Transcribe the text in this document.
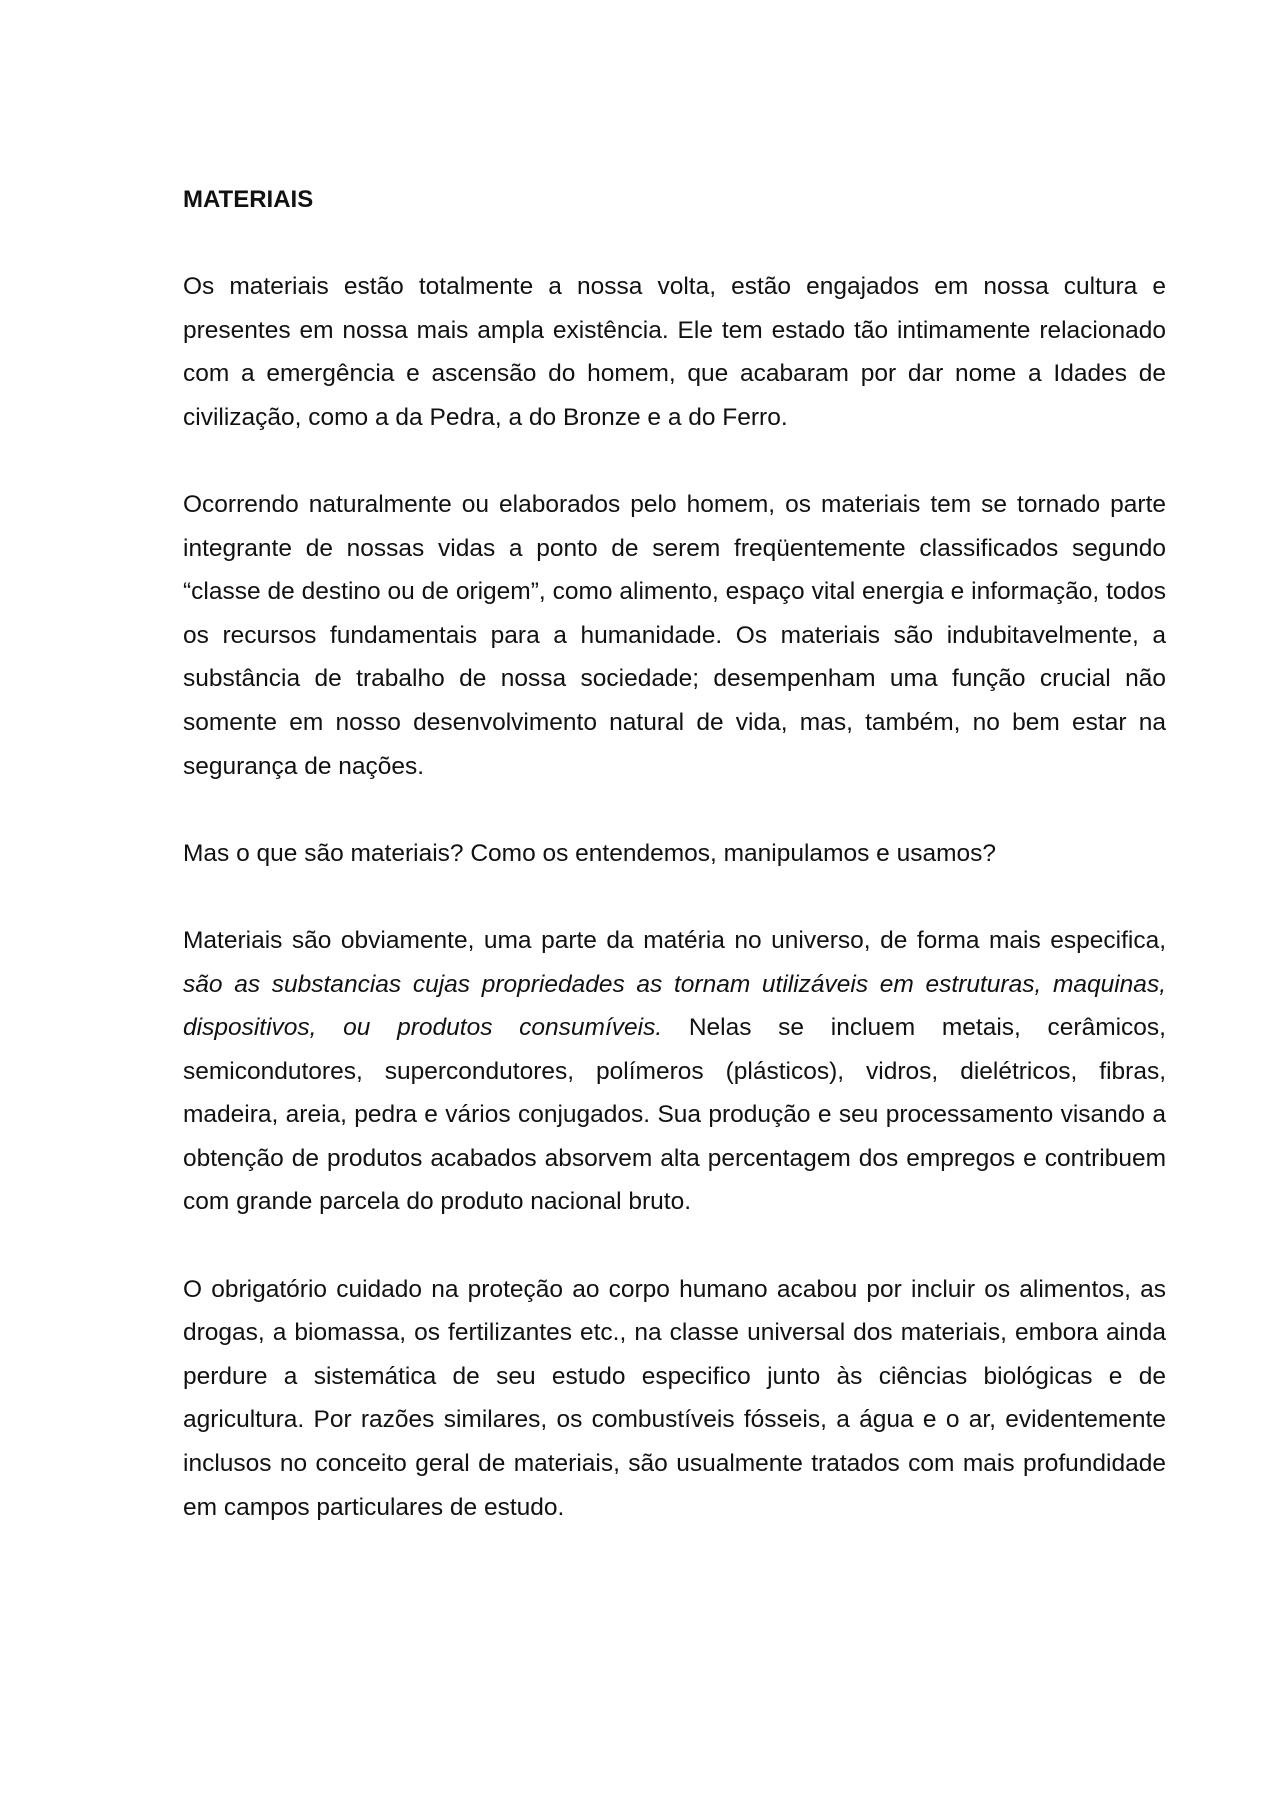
MATERIAIS

Os materiais estão totalmente a nossa volta, estão engajados em nossa cultura e presentes em nossa mais ampla existência. Ele tem estado tão intimamente relacionado com a emergência e ascensão do homem, que acabaram por dar nome a Idades de civilização, como a da Pedra, a do Bronze e a do Ferro.

Ocorrendo naturalmente ou elaborados pelo homem, os materiais tem se tornado parte integrante de nossas vidas a ponto de serem freqüentemente classificados segundo “classe de destino ou de origem”, como alimento, espaço vital energia e informação, todos os recursos fundamentais para a humanidade. Os materiais são indubitavelmente, a substância de trabalho de nossa sociedade; desempenham uma função crucial não somente em nosso desenvolvimento natural de vida, mas, também, no bem estar na segurança de nações.

Mas o que são materiais? Como os entendemos, manipulamos e usamos?

Materiais são obviamente, uma parte da matéria no universo, de forma mais especifica, são as substancias cujas propriedades as tornam utilizáveis em estruturas, maquinas, dispositivos, ou produtos consumíveis. Nelas se incluem metais, cerâmicos, semicondutores, supercondutores, polímeros (plásticos), vidros, dielétricos, fibras, madeira, areia, pedra e vários conjugados. Sua produção e seu processamento visando a obtenção de produtos acabados absorvem alta percentagem dos empregos e contribuem com grande parcela do produto nacional bruto.

O obrigatório cuidado na proteção ao corpo humano acabou por incluir os alimentos, as drogas, a biomassa, os fertilizantes etc., na classe universal dos materiais, embora ainda perdure a sistemática de seu estudo especifico junto às ciências biológicas e de agricultura. Por razões similares, os combustíveis fósseis, a água e o ar, evidentemente inclusos no conceito geral de materiais, são usualmente tratados com mais profundidade em campos particulares de estudo.
